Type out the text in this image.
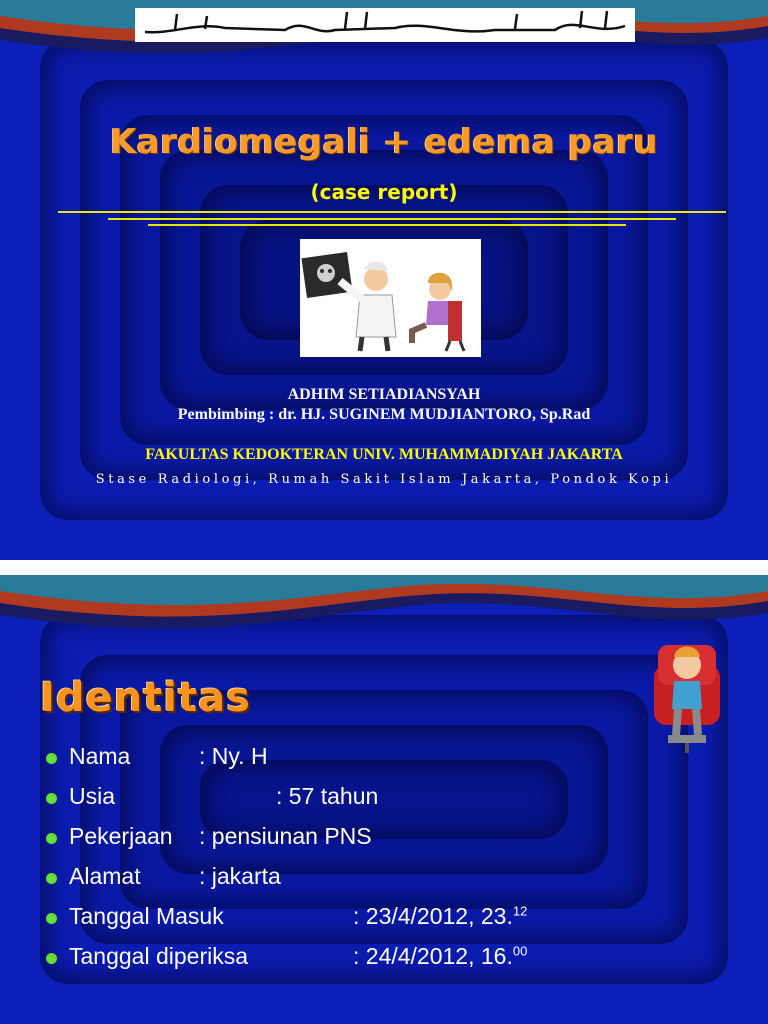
Kardiomegali + edema paru
(case report)
ADHIM SETIADIANSYAH
Pembimbing : dr. HJ. SUGINEM MUDJIANTORO, Sp.Rad
FAKULTAS KEDOKTERAN UNIV. MUHAMMADIYAH JAKARTA
Stase Radiologi, Rumah Sakit Islam Jakarta, Pondok Kopi
Identitas
Nama	: Ny. H
Usia	: 57 tahun
Pekerjaan : pensiunan PNS
Alamat	: jakarta
Tanggal Masuk	: 23/4/2012, 23.12
Tanggal diperiksa	: 24/4/2012, 16.00
